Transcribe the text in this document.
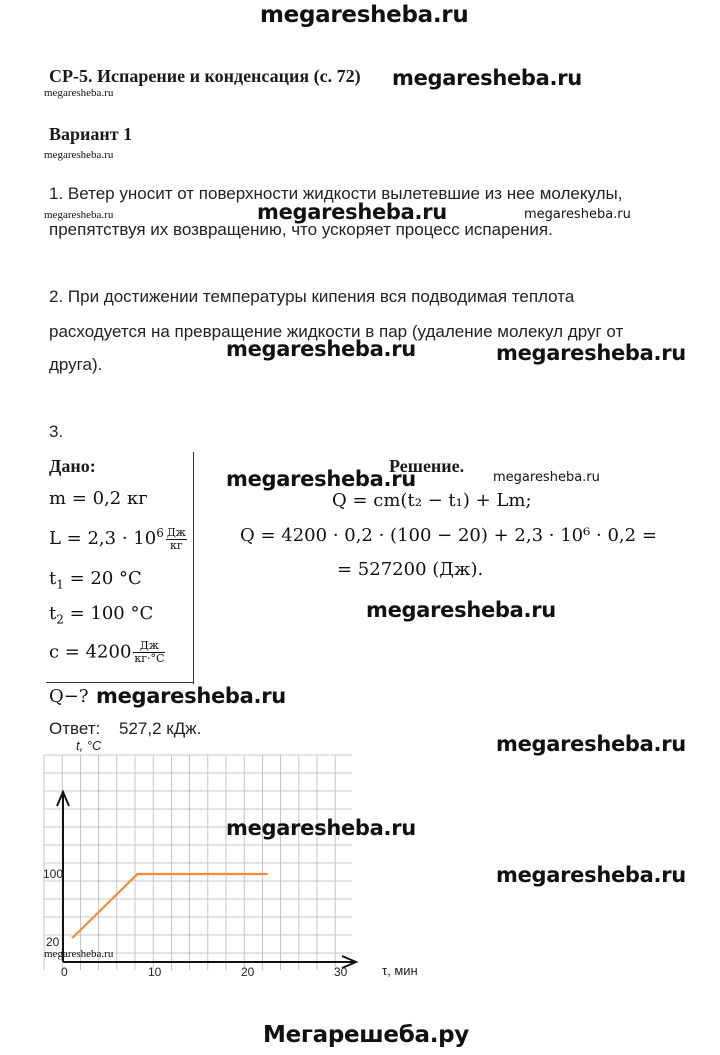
megaresheba.ru
СР-5. Испарение и конденсация (с. 72) megaresheba.ru
megaresheba.ru
Вариант 1
megaresheba.ru
1. Ветер уносит от поверхности жидкости вылетевшие из нее молекулы,
megaresheba.ru	megaresheba.ru	megaresheba.ru
препятствуя их возвращению, что ускоряет процесс испарения.
2. При достижении температуры кипения вся подводимая теплота
расходуется на превращение жидкости в пар (удаление молекул друг от
megaresheba.ru	megaresheba.ru
друга).
3.
Дано:
m = 0,2 кг
$L = 2,3 \cdot 10^6 \frac{Дж}{кг}$
$t_1 = 20$ °С
$t_2 = 100$ °С
$c = 4200 \frac{Дж}{кг\cdot^\circ С}$
Q−? megaresheba.ru
megaresheba.ru
Решение.
megaresheba.ru
Q = cm(t₂ − t₁) + Lm;
Q = 4200 · 0,2 · (100 − 20) + 2,3 · 10⁶ · 0,2 =
= 527200 (Дж).
megaresheba.ru
Ответ: 527,2 кДж.
megaresheba.ru
0	10	20	30
20
100
t, °С
τ, мин
megaresheba.ru
megaresheba.ru
megaresheba.ru
Мегарешеба.ру
